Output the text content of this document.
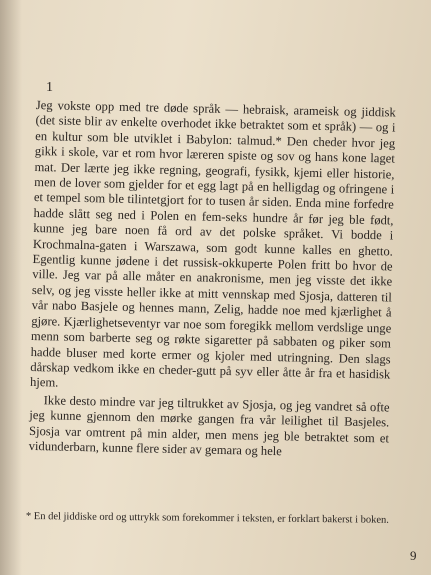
1

Jeg vokste opp med tre døde språk — hebraisk, arameisk og jiddisk (det siste blir av enkelte overhodet ikke betraktet som et språk) — og i en kultur som ble utviklet i Babylon: talmud.* Den cheder hvor jeg gikk i skole, var et rom hvor læreren spiste og sov og hans kone laget mat. Der lærte jeg ikke regning, geografi, fysikk, kjemi eller historie, men de lover som gjelder for et egg lagt på en helligdag og ofringene i et tempel som ble tilintetgjort for to tusen år siden. Enda mine forfedre hadde slått seg ned i Polen en fem-seks hundre år før jeg ble født, kunne jeg bare noen få ord av det polske språket. Vi bodde i Krochmalna-gaten i Warszawa, som godt kunne kalles en ghetto. Egentlig kunne jødene i det russisk-okkuperte Polen fritt bo hvor de ville. Jeg var på alle måter en anakronisme, men jeg visste det ikke selv, og jeg visste heller ikke at mitt vennskap med Sjosja, datteren til vår nabo Basjele og hennes mann, Zelig, hadde noe med kjærlighet å gjøre. Kjærlighetseventyr var noe som foregikk mellom verdslige unge menn som barberte seg og røkte sigaretter på sabbaten og piker som hadde bluser med korte ermer og kjoler med utringning. Den slags dårskap vedkom ikke en cheder-gutt på syv eller åtte år fra et hasidisk hjem.

Ikke desto mindre var jeg tiltrukket av Sjosja, og jeg vandret så ofte jeg kunne gjennom den mørke gangen fra vår leilighet til Basjeles. Sjosja var omtrent på min alder, men mens jeg ble betraktet som et vidunderbarn, kunne flere sider av gemara og hele

* En del jiddiske ord og uttrykk som forekommer i teksten, er forklart bakerst i boken.
9
